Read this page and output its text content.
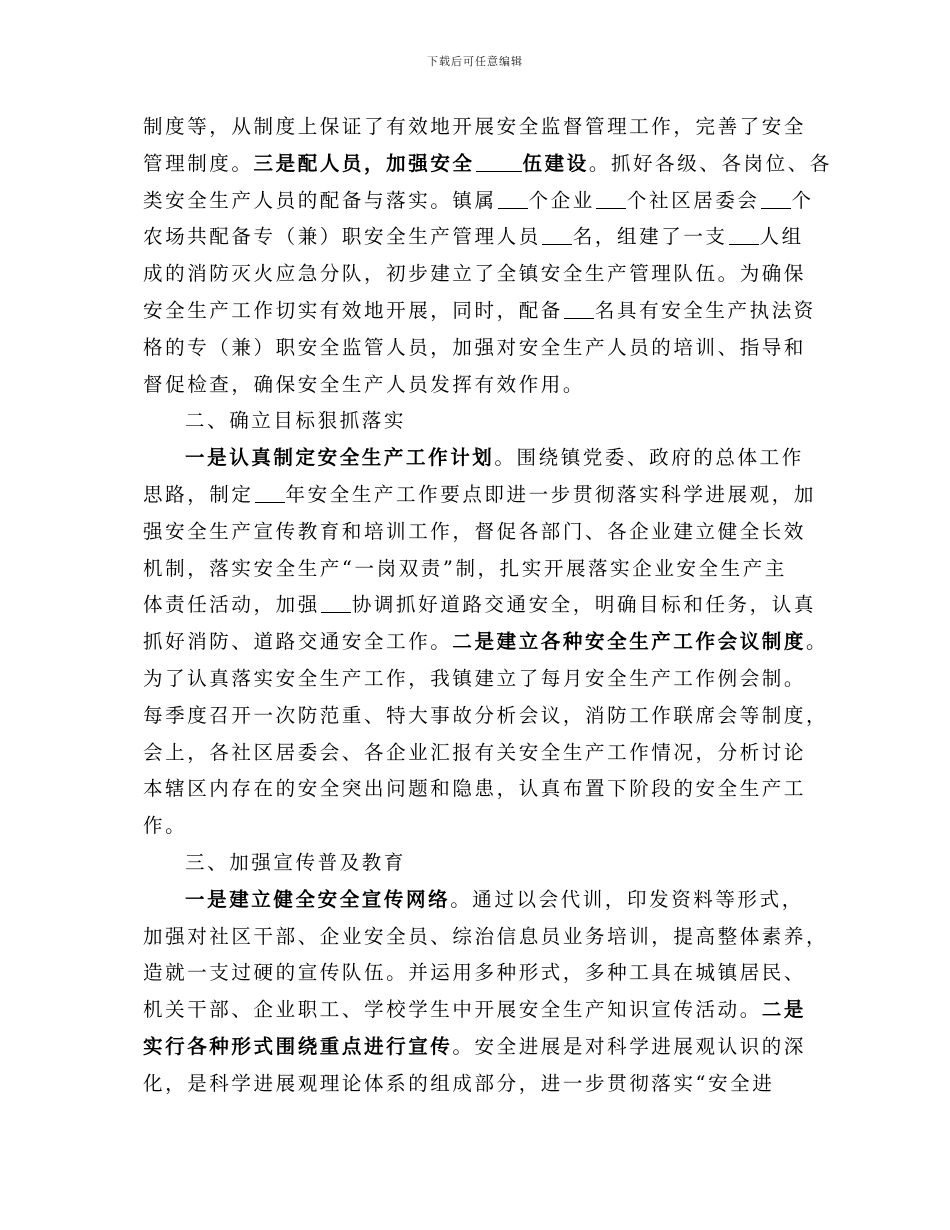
下载后可任意编辑
制度等，从制度上保证了有效地开展安全监督管理工作，完善了安全
管理制度。三是配人员，加强安全 伍建设。抓好各级、各岗位、各
类安全生产人员的配备与落实。镇属 个企业 个社区居委会 个
农场共配备专（兼）职安全生产管理人员 名，组建了一支 人组
成的消防灭火应急分队，初步建立了全镇安全生产管理队伍。为确保
安全生产工作切实有效地开展，同时，配备 名具有安全生产执法资
格的专（兼）职安全监管人员，加强对安全生产人员的培训、指导和
督促检查，确保安全生产人员发挥有效作用。
二、确立目标狠抓落实
一是认真制定安全生产工作计划。围绕镇党委、政府的总体工作
思路，制定 年安全生产工作要点即进一步贯彻落实科学进展观，加
强安全生产宣传教育和培训工作，督促各部门、各企业建立健全长效
机制，落实安全生产“一岗双责”制，扎实开展落实企业安全生产主
体责任活动，加强 协调抓好道路交通安全，明确目标和任务，认真
抓好消防、道路交通安全工作。二是建立各种安全生产工作会议制度。
为了认真落实安全生产工作，我镇建立了每月安全生产工作例会制。
每季度召开一次防范重、特大事故分析会议，消防工作联席会等制度，
会上，各社区居委会、各企业汇报有关安全生产工作情况，分析讨论
本辖区内存在的安全突出问题和隐患，认真布置下阶段的安全生产工
作。
三、加强宣传普及教育
一是建立健全安全宣传网络。通过以会代训，印发资料等形式，
加强对社区干部、企业安全员、综治信息员业务培训，提高整体素养，
造就一支过硬的宣传队伍。并运用多种形式，多种工具在城镇居民、
机关干部、企业职工、学校学生中开展安全生产知识宣传活动。二是
实行各种形式围绕重点进行宣传。安全进展是对科学进展观认识的深
化，是科学进展观理论体系的组成部分，进一步贯彻落实“安全进
